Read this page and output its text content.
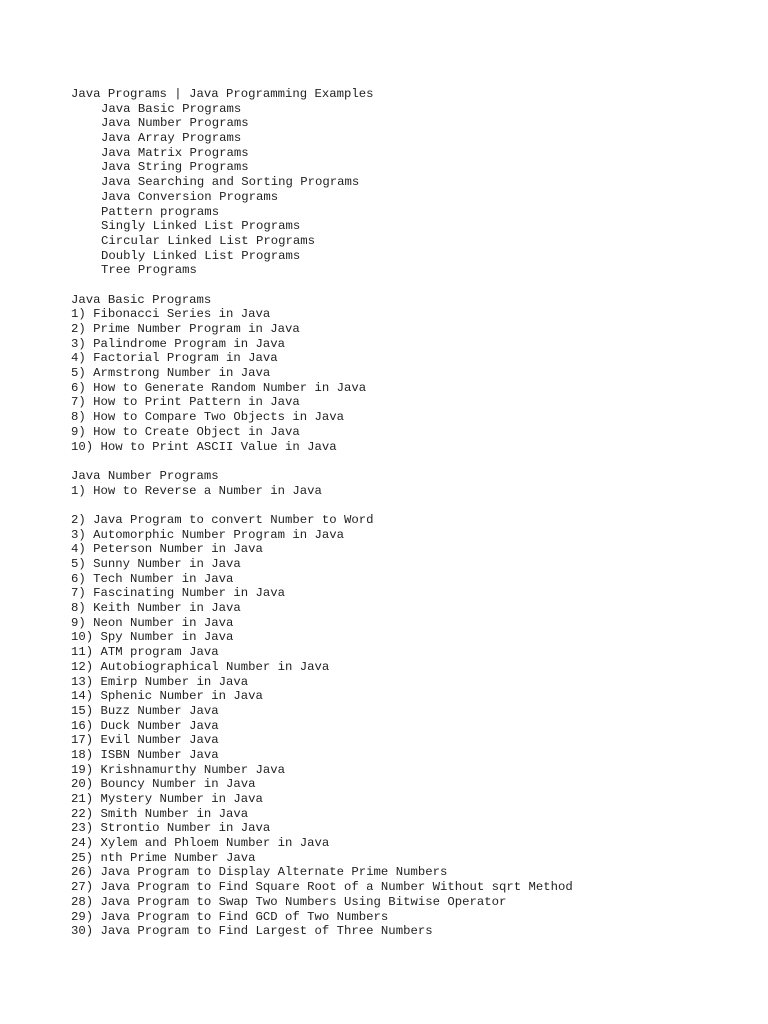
Java Programs | Java Programming Examples
Java Basic Programs
Java Number Programs
Java Array Programs
Java Matrix Programs
Java String Programs
Java Searching and Sorting Programs
Java Conversion Programs
Pattern programs
Singly Linked List Programs
Circular Linked List Programs
Doubly Linked List Programs
Tree Programs
Java Basic Programs
1) Fibonacci Series in Java
2) Prime Number Program in Java
3) Palindrome Program in Java
4) Factorial Program in Java
5) Armstrong Number in Java
6) How to Generate Random Number in Java
7) How to Print Pattern in Java
8) How to Compare Two Objects in Java
9) How to Create Object in Java
10) How to Print ASCII Value in Java
Java Number Programs
1) How to Reverse a Number in Java
2) Java Program to convert Number to Word
3) Automorphic Number Program in Java
4) Peterson Number in Java
5) Sunny Number in Java
6) Tech Number in Java
7) Fascinating Number in Java
8) Keith Number in Java
9) Neon Number in Java
10) Spy Number in Java
11) ATM program Java
12) Autobiographical Number in Java
13) Emirp Number in Java
14) Sphenic Number in Java
15) Buzz Number Java
16) Duck Number Java
17) Evil Number Java
18) ISBN Number Java
19) Krishnamurthy Number Java
20) Bouncy Number in Java
21) Mystery Number in Java
22) Smith Number in Java
23) Strontio Number in Java
24) Xylem and Phloem Number in Java
25) nth Prime Number Java
26) Java Program to Display Alternate Prime Numbers
27) Java Program to Find Square Root of a Number Without sqrt Method
28) Java Program to Swap Two Numbers Using Bitwise Operator
29) Java Program to Find GCD of Two Numbers
30) Java Program to Find Largest of Three Numbers
